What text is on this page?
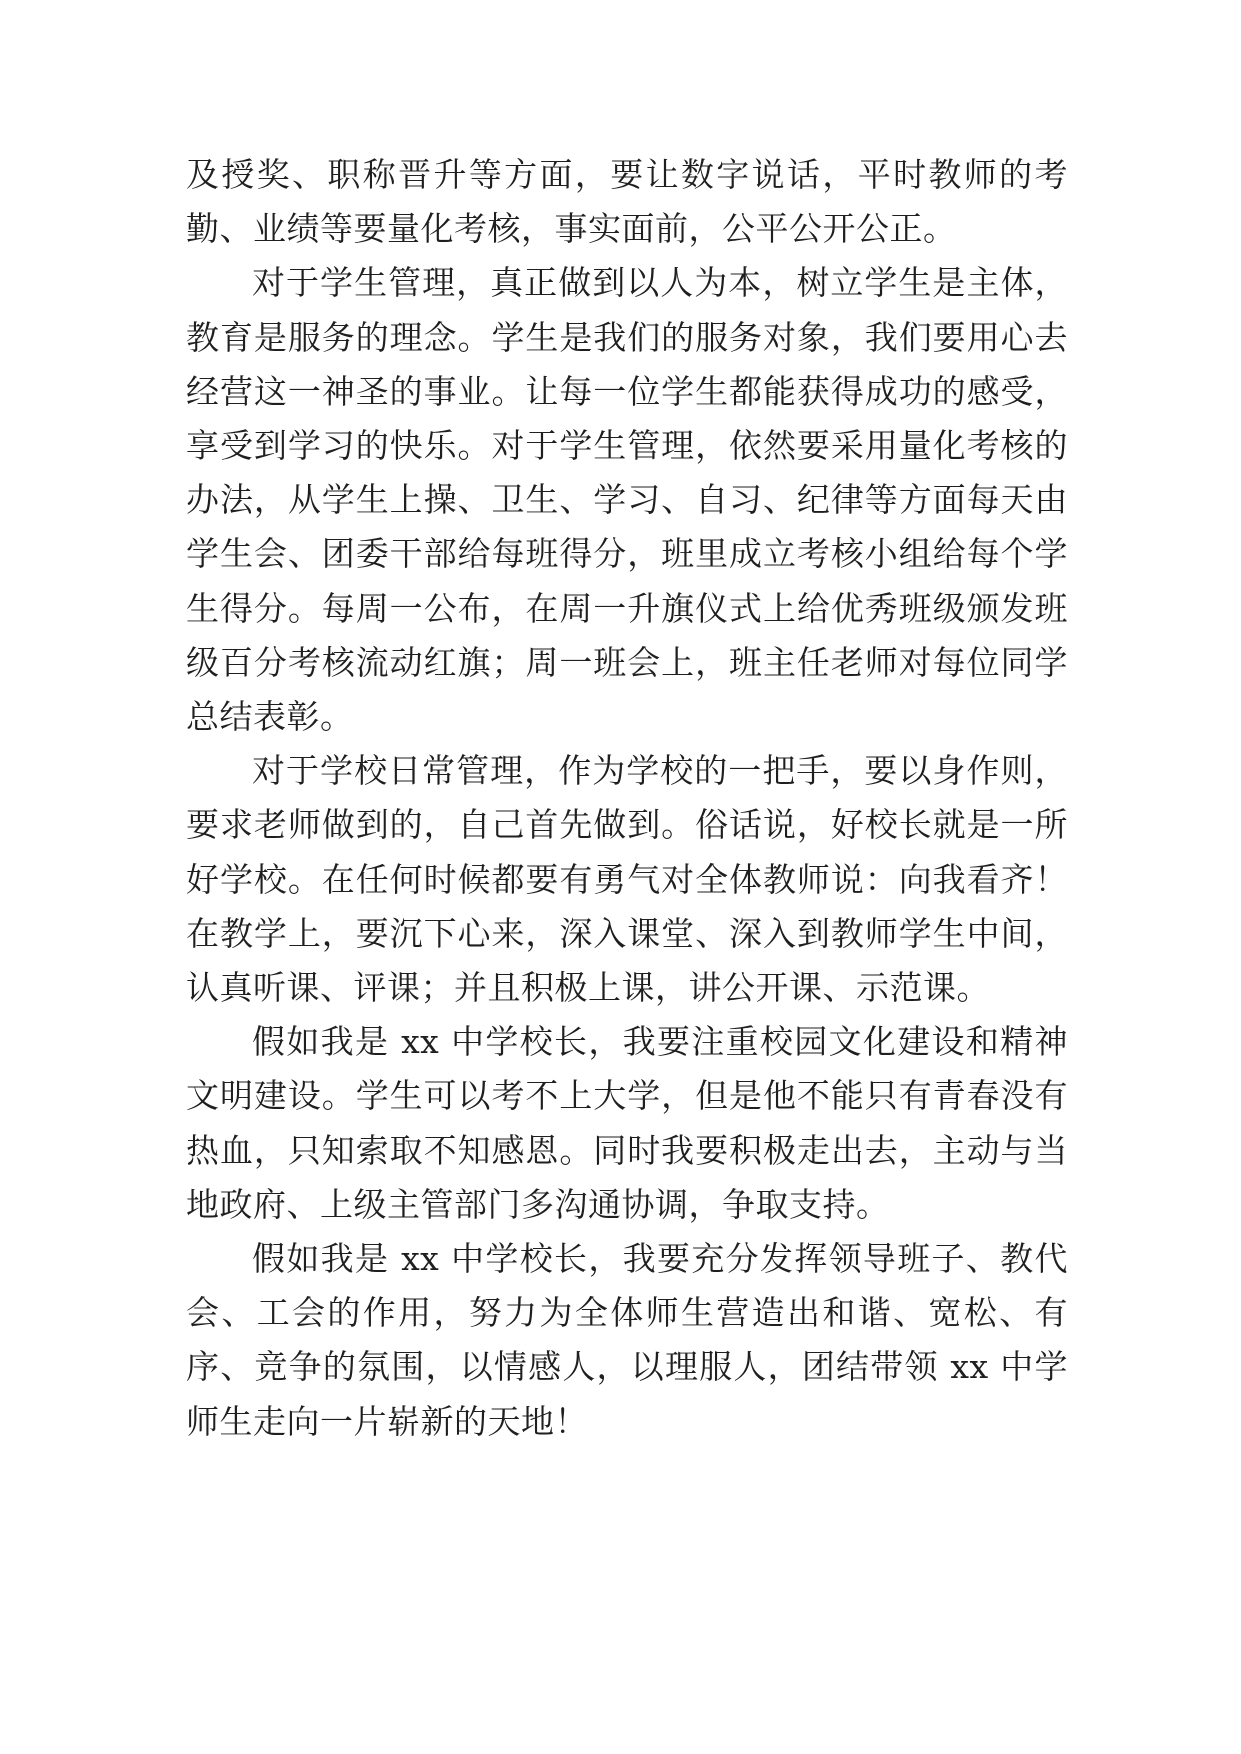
及授奖、职称晋升等方面，要让数字说话，平时教师的考勤、业绩等要量化考核，事实面前，公平公开公正。

对于学生管理，真正做到以人为本，树立学生是主体，教育是服务的理念。学生是我们的服务对象，我们要用心去经营这一神圣的事业。让每一位学生都能获得成功的感受，享受到学习的快乐。对于学生管理，依然要采用量化考核的办法，从学生上操、卫生、学习、自习、纪律等方面每天由学生会、团委干部给每班得分，班里成立考核小组给每个学生得分。每周一公布，在周一升旗仪式上给优秀班级颁发班级百分考核流动红旗；周一班会上，班主任老师对每位同学总结表彰。

对于学校日常管理，作为学校的一把手，要以身作则，要求老师做到的，自己首先做到。俗话说，好校长就是一所好学校。在任何时候都要有勇气对全体教师说：向我看齐！在教学上，要沉下心来，深入课堂、深入到教师学生中间，认真听课、评课；并且积极上课，讲公开课、示范课。

假如我是 xx 中学校长，我要注重校园文化建设和精神文明建设。学生可以考不上大学，但是他不能只有青春没有热血，只知索取不知感恩。同时我要积极走出去，主动与当地政府、上级主管部门多沟通协调，争取支持。

假如我是 xx 中学校长，我要充分发挥领导班子、教代会、工会的作用，努力为全体师生营造出和谐、宽松、有序、竞争的氛围，以情感人，以理服人，团结带领 xx 中学师生走向一片崭新的天地！
